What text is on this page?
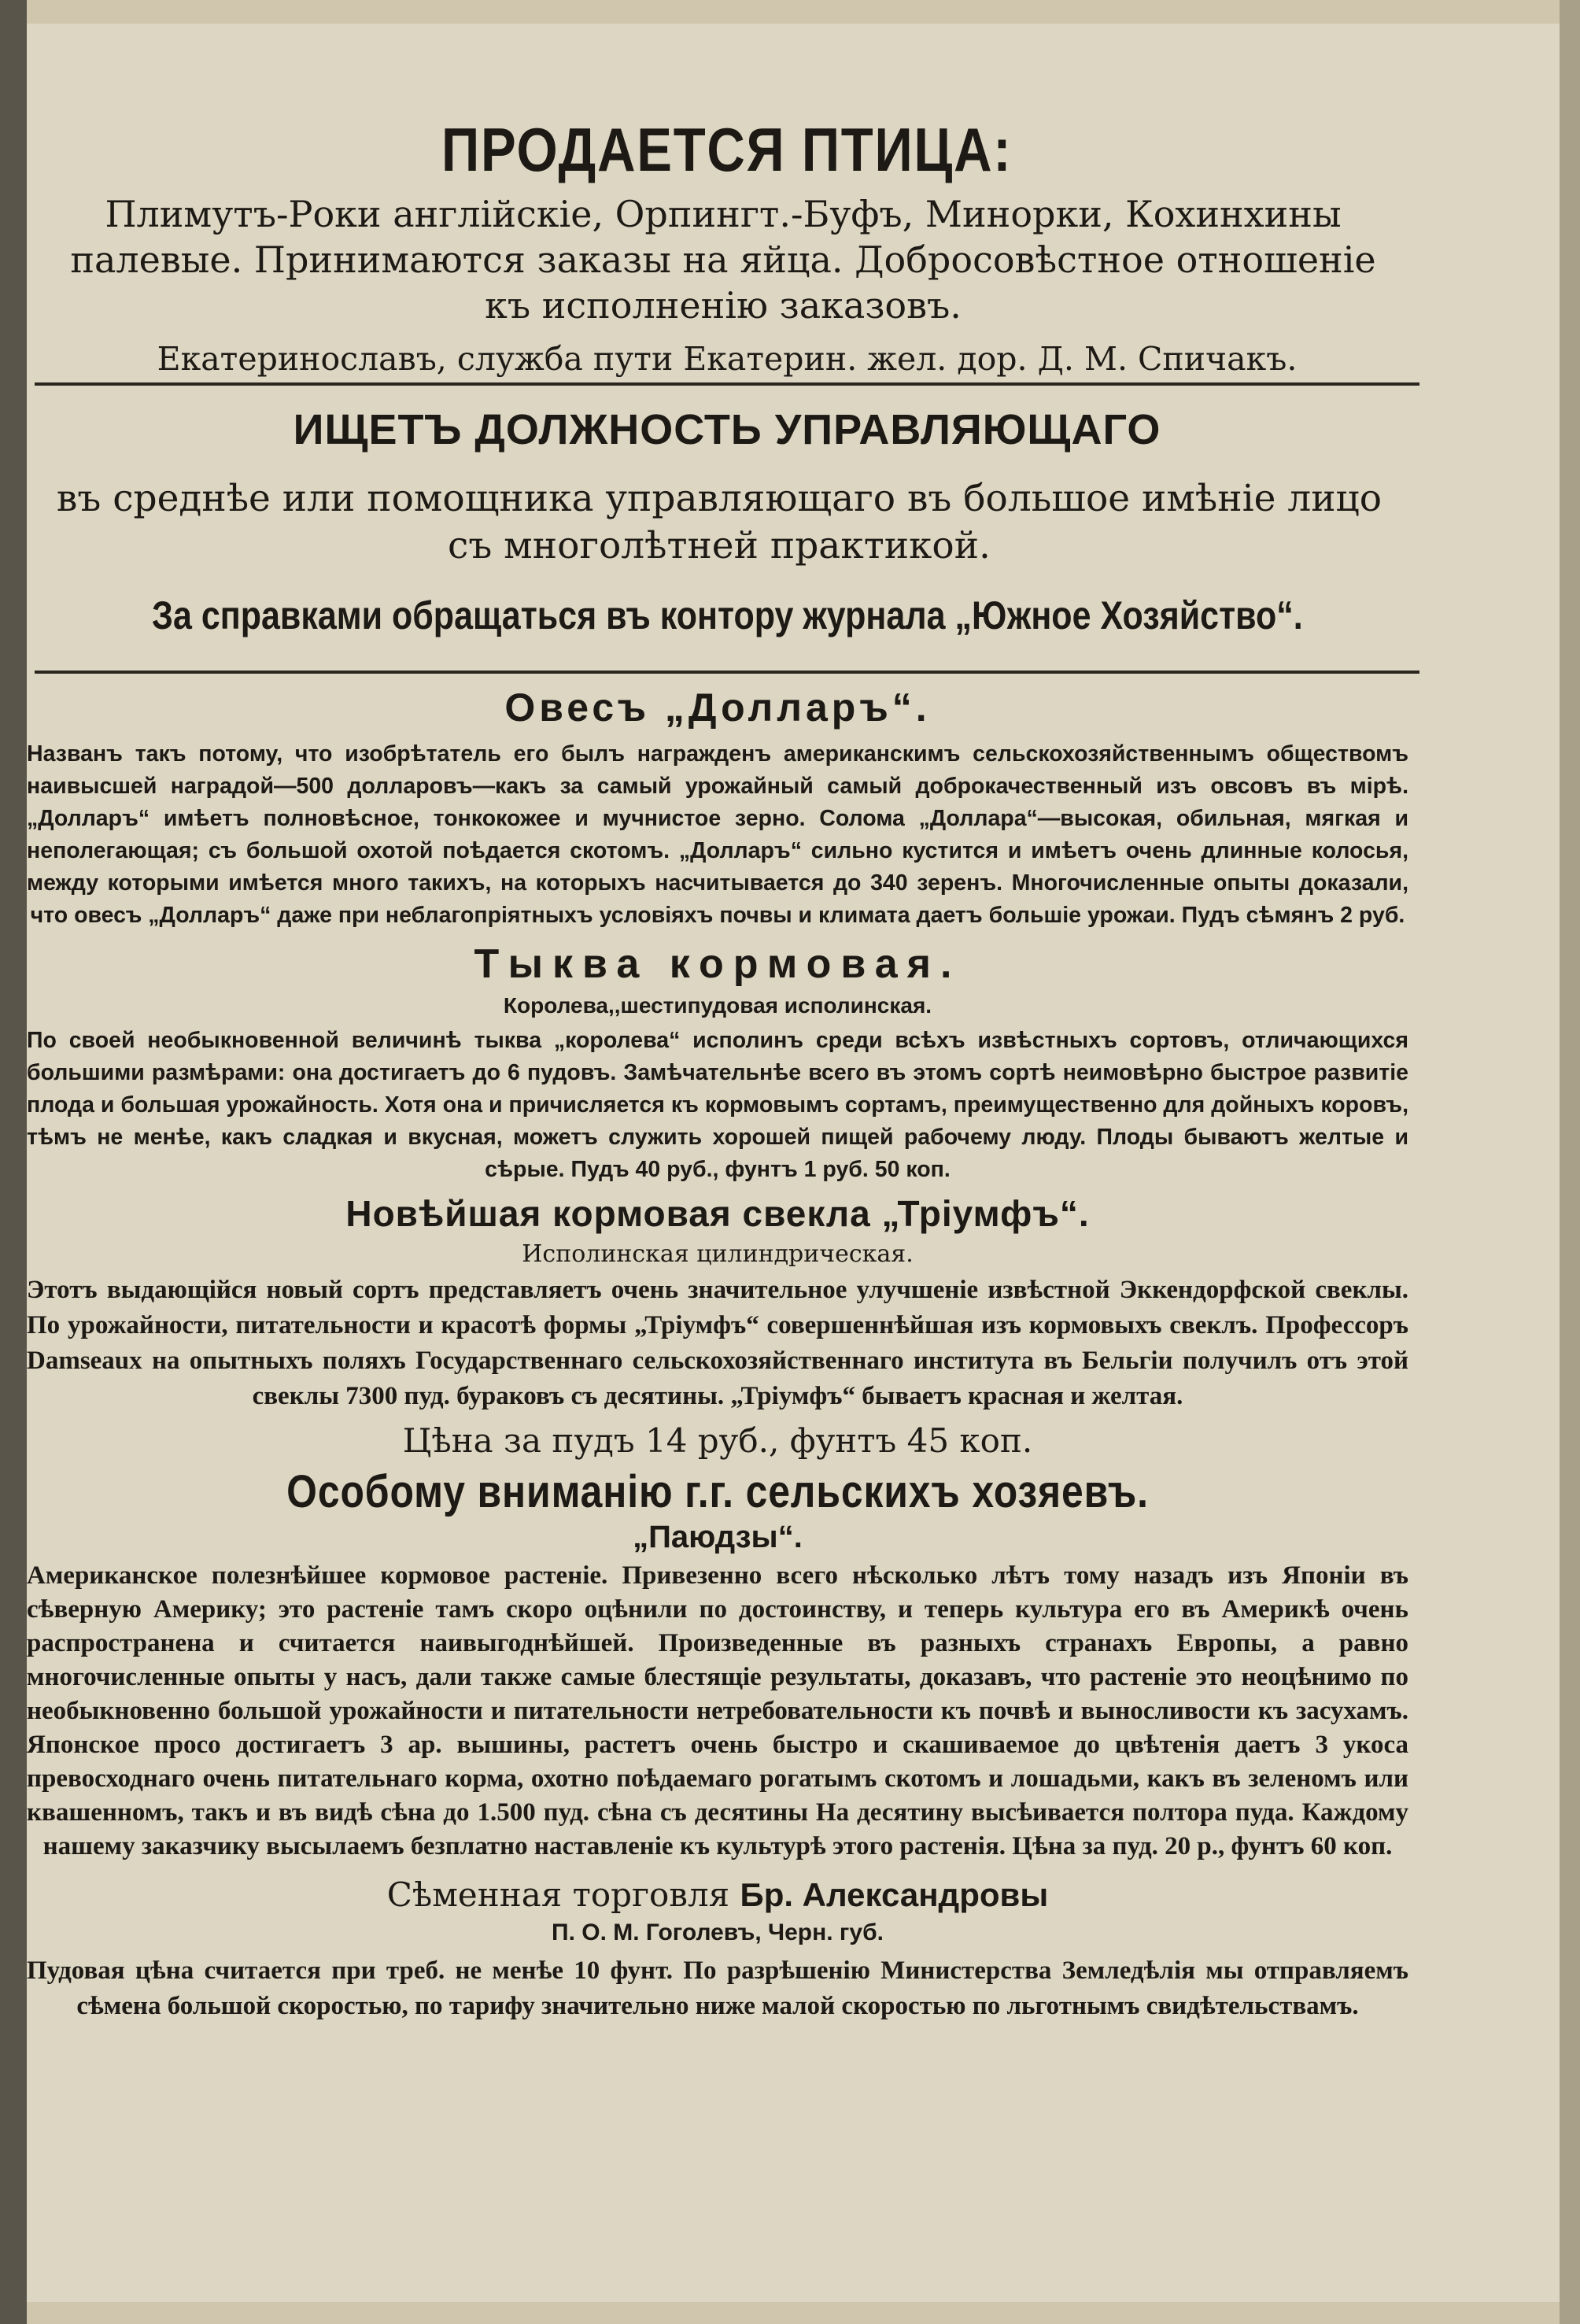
ПРОДАЕТСЯ ПТИЦА:

Плимутъ-Роки англійскіе, Орпингт.-Буфъ, Минорки, Кохинхины палевые. Принимаются заказы на яйца. Добросовѣстное отношеніе къ исполненію заказовъ.

Екатеринославъ, служба пути Екатерин. жел. дор. Д. М. Спичакъ.

ИЩЕТЪ ДОЛЖНОСТЬ УПРАВЛЯЮЩАГО

въ среднѣе или помощника управляющаго въ большое имѣніе лицо съ многолѣтней практикой.

За справками обращаться въ контору журнала „Южное Хозяйство“.
Овесъ „Долларъ“.

Названъ такъ потому, что изобрѣтатель его былъ награжденъ американскимъ сельскохозяйственнымъ обществомъ наивысшей наградой—500 долларовъ—какъ за самый урожайный самый доброкачественный изъ овсовъ въ мірѣ. „Долларъ“ имѣетъ полновѣсное, тонкокожее и мучнистое зерно. Солома „Доллара“—высокая, обильная, мягкая и неполегающая; съ большой охотой поѣдается скотомъ. „Долларъ“ сильно кустится и имѣетъ очень длинные колосья, между которыми имѣется много такихъ, на которыхъ насчитывается до 340 зеренъ. Многочисленные опыты доказали, что овесъ „Долларъ“ даже при неблагопріятныхъ условіяхъ почвы и климата даетъ большіе урожаи. Пудъ сѣмянъ 2 руб.

Тыква кормовая.
Королева,,шестипудовая исполинская.

По своей необыкновенной величинѣ тыква „королева“ исполинъ среди всѣхъ извѣстныхъ сортовъ, отличающихся большими размѣрами: она достигаетъ до 6 пудовъ. Замѣчательнѣе всего въ этомъ сортѣ неимовѣрно быстрое развитіе плода и большая урожайность. Хотя она и причисляется къ кормовымъ сортамъ, преимущественно для дойныхъ коровъ, тѣмъ не менѣе, какъ сладкая и вкусная, можетъ служить хорошей пищей рабочему люду. Плоды бываютъ желтые и сѣрые. Пудъ 40 руб., фунтъ 1 руб. 50 коп.

Новѣйшая кормовая свекла „Тріумфъ“.
Исполинская цилиндрическая.

Этотъ выдающійся новый сортъ представляетъ очень значительное улучшеніе извѣстной Эккендорфской свеклы. По урожайности, питательности и красотѣ формы „Тріумфъ“ совершеннѣйшая изъ кормовыхъ свеклъ. Профессоръ Damseaux на опытныхъ поляхъ Государственнаго сельскохозяйственнаго института въ Бельгіи получилъ отъ этой свеклы 7300 пуд. бураковъ съ десятины. „Тріумфъ“ бываетъ красная и желтая.

Цѣна за пудъ 14 руб., фунтъ 45 коп.

Особому вниманію г.г. сельскихъ хозяевъ.
„Паюдзы“.

Американское полезнѣйшее кормовое растеніе. Привезенно всего нѣсколько лѣтъ тому назадъ изъ Японіи въ сѣверную Америку; это растеніе тамъ скоро оцѣнили по достоинству, и теперь культура его въ Америкѣ очень распространена и считается наивыгоднѣйшей. Произведенные въ разныхъ странахъ Европы, а равно многочисленные опыты у насъ, дали также самые блестящіе результаты, доказавъ, что растеніе это неоцѣнимо по необыкновенно большой урожайности и питательности нетребовательности къ почвѣ и выносливости къ засухамъ. Японское просо достигаетъ 3 ар. вышины, растетъ очень быстро и скашиваемое до цвѣтенія даетъ 3 укоса превосходнаго очень питательнаго корма, охотно поѣдаемаго рогатымъ скотомъ и лошадьми, какъ въ зеленомъ или квашенномъ, такъ и въ видѣ сѣна до 1.500 пуд. сѣна съ десятины На десятину высѣивается полтора пуда. Каждому нашему заказчику высылаемъ безплатно наставленіе къ культурѣ этого растенія. Цѣна за пуд. 20 р., фунтъ 60 коп.

Сѣменная торговля Бр. Александровы
П. О. М. Гоголевъ, Черн. губ.

Пудовая цѣна считается при треб. не менѣе 10 фунт. По разрѣшенію Министерства Земледѣлія мы отправляемъ сѣмена большой скоростью, по тарифу значительно ниже малой скоростью по льготнымъ свидѣтельствамъ.
